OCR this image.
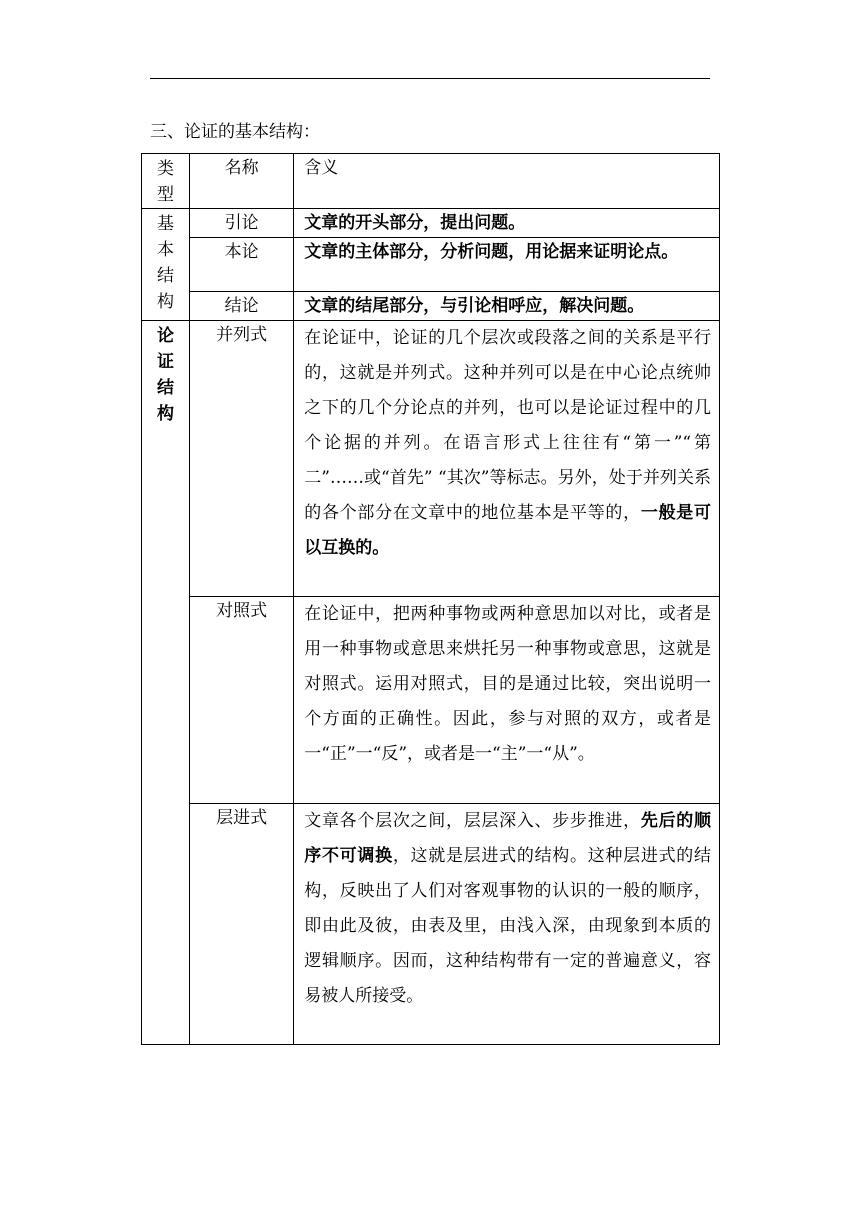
三、论证的基本结构：
类
型	名称	含义

基
本
结
构	引论	文章的开头部分，提出问题。
	本论	文章的主体部分，分析问题，用论据来证明论点。
	结论	文章的结尾部分，与引论相呼应，解决问题。

论
证
结
构	并列式	在论证中，论证的几个层次或段落之间的关系是平行的，这就是并列式。这种并列可以是在中心论点统帅之下的几个分论点的并列，也可以是论证过程中的几个论据的并列。在语言形式上往往有“第一”“第二”……或“首先” “其次”等标志。另外，处于并列关系的各个部分在文章中的地位基本是平等的，一般是可以互换的。
	对照式	在论证中，把两种事物或两种意思加以对比，或者是用一种事物或意思来烘托另一种事物或意思，这就是对照式。运用对照式，目的是通过比较，突出说明一个方面的正确性。因此，参与对照的双方，或者是一“正”一“反”，或者是一“主”一“从”。
	层进式	文章各个层次之间，层层深入、步步推进，先后的顺序不可调换，这就是层进式的结构。这种层进式的结构，反映出了人们对客观事物的认识的一般的顺序，即由此及彼，由表及里，由浅入深，由现象到本质的逻辑顺序。因而，这种结构带有一定的普遍意义，容易被人所接受。
